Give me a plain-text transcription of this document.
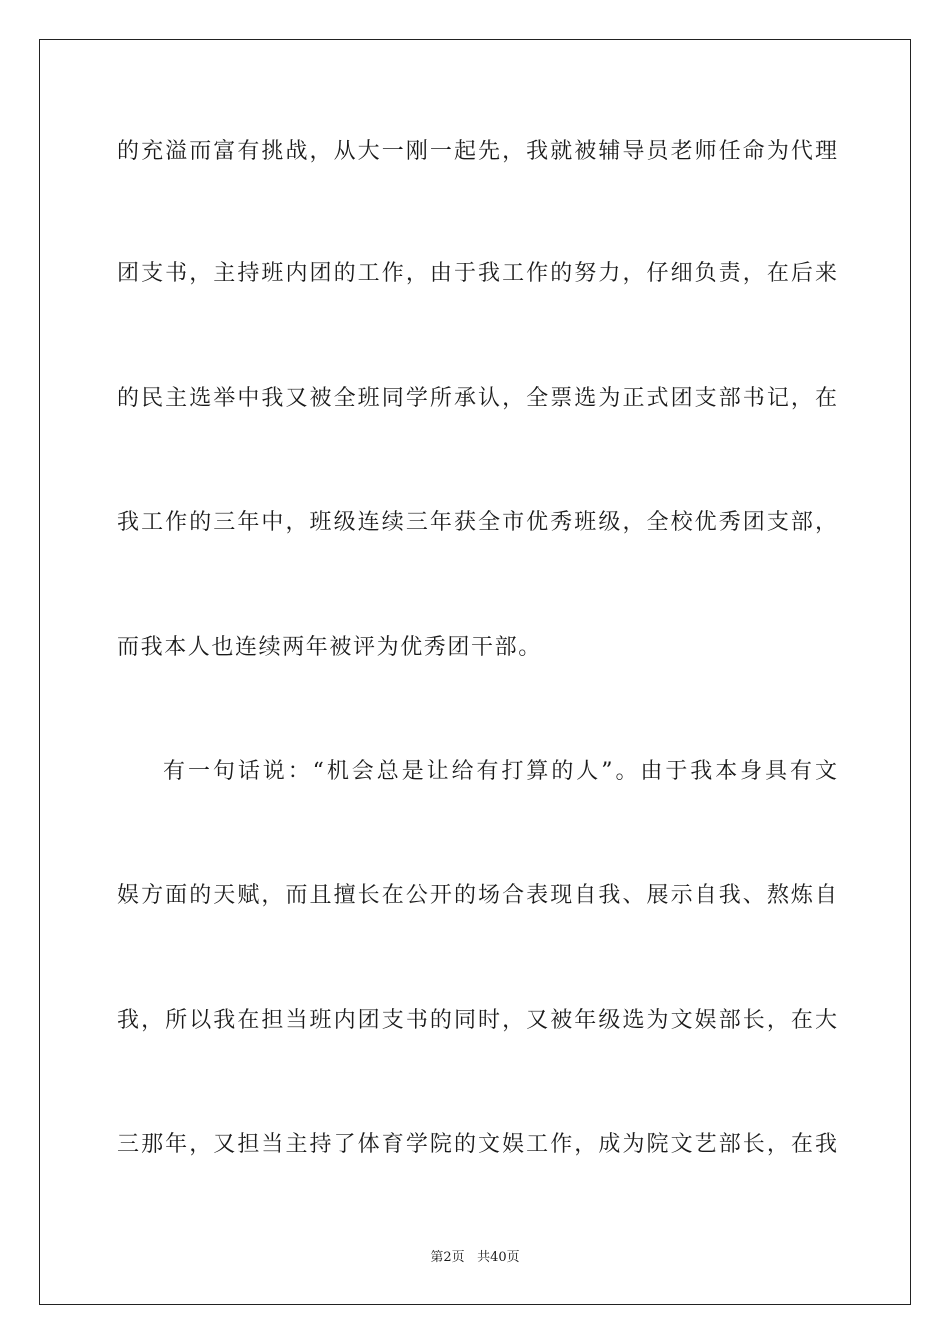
的充溢而富有挑战，从大一刚一起先，我就被辅导员老师任命为代理
团支书，主持班内团的工作，由于我工作的努力，仔细负责，在后来
的民主选举中我又被全班同学所承认，全票选为正式团支部书记，在
我工作的三年中，班级连续三年获全市优秀班级，全校优秀团支部，
而我本人也连续两年被评为优秀团干部。
有一句话说：“机会总是让给有打算的人”。由于我本身具有文
娱方面的天赋，而且擅长在公开的场合表现自我、展示自我、熬炼自
我，所以我在担当班内团支书的同时，又被年级选为文娱部长，在大
三那年，又担当主持了体育学院的文娱工作，成为院文艺部长，在我
第2页 共40页
